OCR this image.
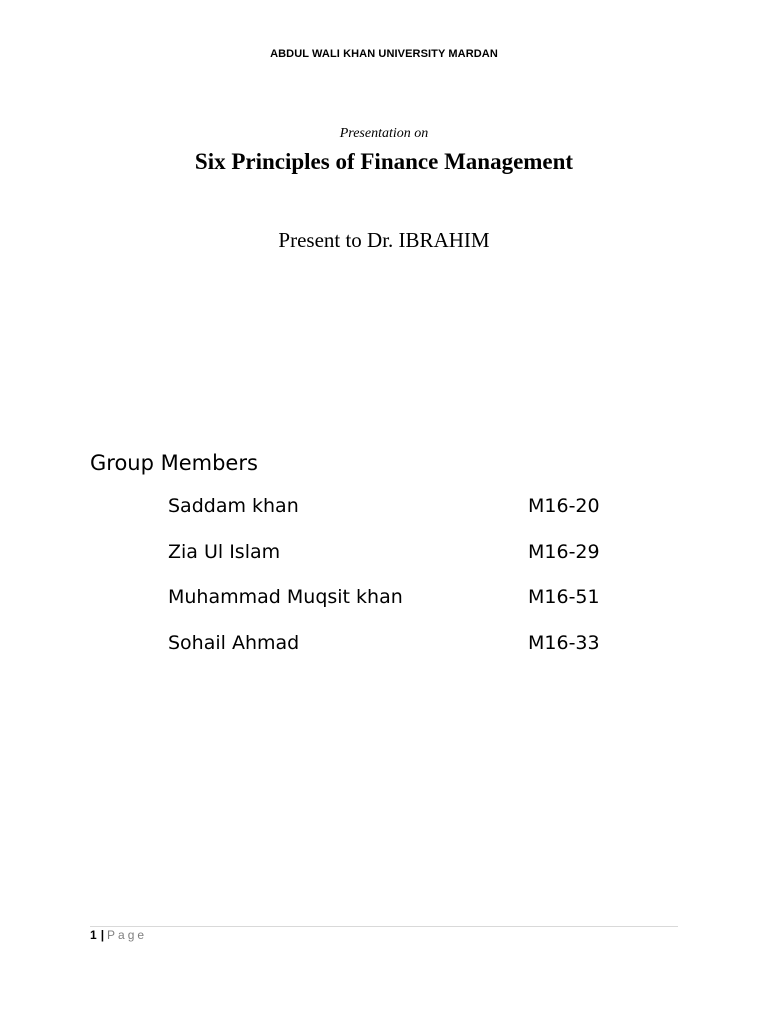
ABDUL WALI KHAN UNIVERSITY MARDAN
Presentation on
Six Principles of Finance Management
Present to Dr. IBRAHIM
Group Members
Saddam khan	M16-20
Zia Ul Islam	M16-29
Muhammad Muqsit khan	M16-51
Sohail Ahmad	M16-33
1 | Page
